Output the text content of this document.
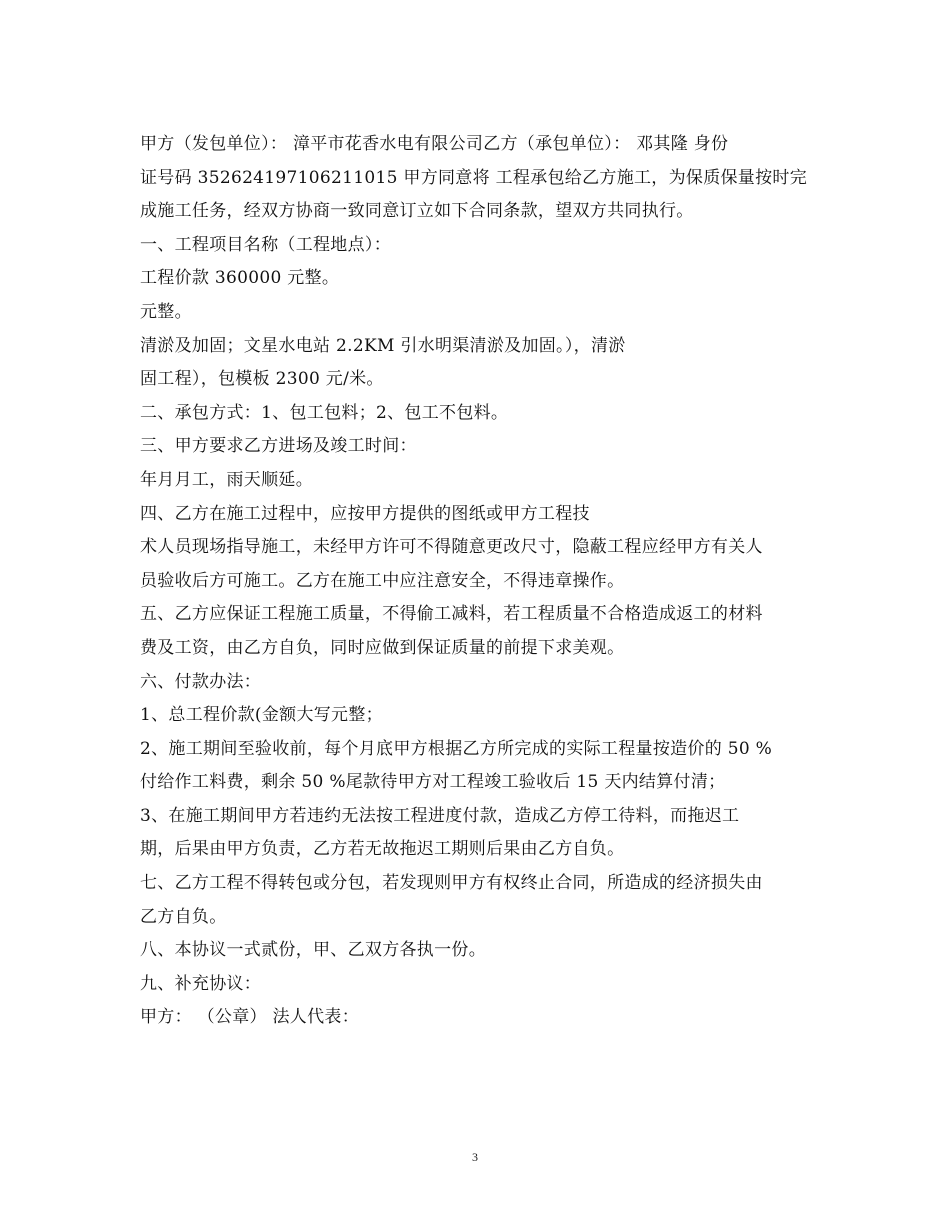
甲方（发包单位）： 漳平市花香水电有限公司乙方（承包单位）： 邓其隆 身份
证号码 352624197106211015 甲方同意将 工程承包给乙方施工，为保质保量按时完
成施工任务，经双方协商一致同意订立如下合同条款，望双方共同执行。
一、工程项目名称（工程地点）：
工程价款 360000 元整。
元整。
清淤及加固；文星水电站 2.2KM 引水明渠清淤及加固。），清淤
固工程），包模板 2300 元/米。
二、承包方式：1、包工包料；2、包工不包料。
三、甲方要求乙方进场及竣工时间：
年月月工，雨天顺延。
四、乙方在施工过程中，应按甲方提供的图纸或甲方工程技
术人员现场指导施工，未经甲方许可不得随意更改尺寸，隐蔽工程应经甲方有关人
员验收后方可施工。乙方在施工中应注意安全，不得违章操作。
五、乙方应保证工程施工质量，不得偷工减料，若工程质量不合格造成返工的材料
费及工资，由乙方自负，同时应做到保证质量的前提下求美观。
六、付款办法：
1、总工程价款(金额大写元整；
2、施工期间至验收前，每个月底甲方根据乙方所完成的实际工程量按造价的 50 %
付给作工料费，剩余 50 %尾款待甲方对工程竣工验收后 15 天内结算付清；
3、在施工期间甲方若违约无法按工程进度付款，造成乙方停工待料，而拖迟工
期，后果由甲方负责，乙方若无故拖迟工期则后果由乙方自负。
七、乙方工程不得转包或分包，若发现则甲方有权终止合同，所造成的经济损失由
乙方自负。
八、本协议一式贰份，甲、乙双方各执一份。
九、补充协议：
甲方： （公章） 法人代表：
3
